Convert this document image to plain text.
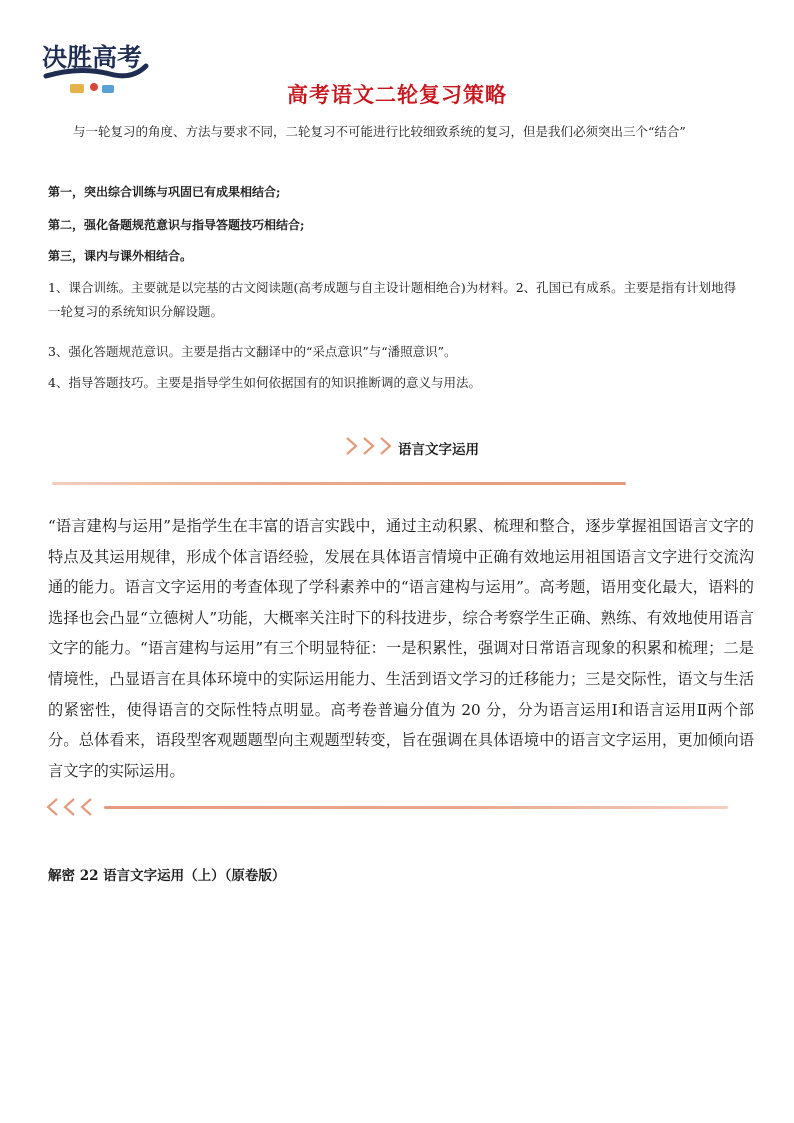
决胜高考
高考语文二轮复习策略
与一轮复习的角度、方法与要求不同，二轮复习不可能进行比较细致系统的复习，但是我们必须突出三个“结合”
第一，突出综合训练与巩固已有成果相结合;
第二，强化备题规范意识与指导答题技巧相结合;
第三，课内与课外相结合。
1、课合训练。主要就是以完基的古文阅读题(高考成题与自主设计题相绝合)为材料。2、孔国已有成系。主要是指有计划地得一轮复习的系统知识分解设题。
3、强化答题规范意识。主要是指古文翻译中的“采点意识”与“潘照意识”。
4、指导答题技巧。主要是指导学生如何依据国有的知识推断调的意义与用法。
语言文字运用
“语言建构与运用”是指学生在丰富的语言实践中，通过主动积累、梳理和整合，逐步掌握祖国语言文字的特点及其运用规律，形成个体言语经验，发展在具体语言情境中正确有效地运用祖国语言文字进行交流沟通的能力。语言文字运用的考查体现了学科素养中的“语言建构与运用”。高考题，语用变化最大，语料的选择也会凸显“立德树人”功能，大概率关注时下的科技进步，综合考察学生正确、熟练、有效地使用语言文字的能力。“语言建构与运用”有三个明显特征：一是积累性，强调对日常语言现象的积累和梳理；二是情境性，凸显语言在具体环境中的实际运用能力、生活到语文学习的迁移能力；三是交际性，语文与生活的紧密性，使得语言的交际性特点明显。高考卷普遍分值为 20 分，分为语言运用Ⅰ和语言运用Ⅱ两个部分。总体看来，语段型客观题题型向主观题型转变，旨在强调在具体语境中的语言文字运用，更加倾向语言文字的实际运用。
解密 22 语言文字运用（上）（原卷版）
